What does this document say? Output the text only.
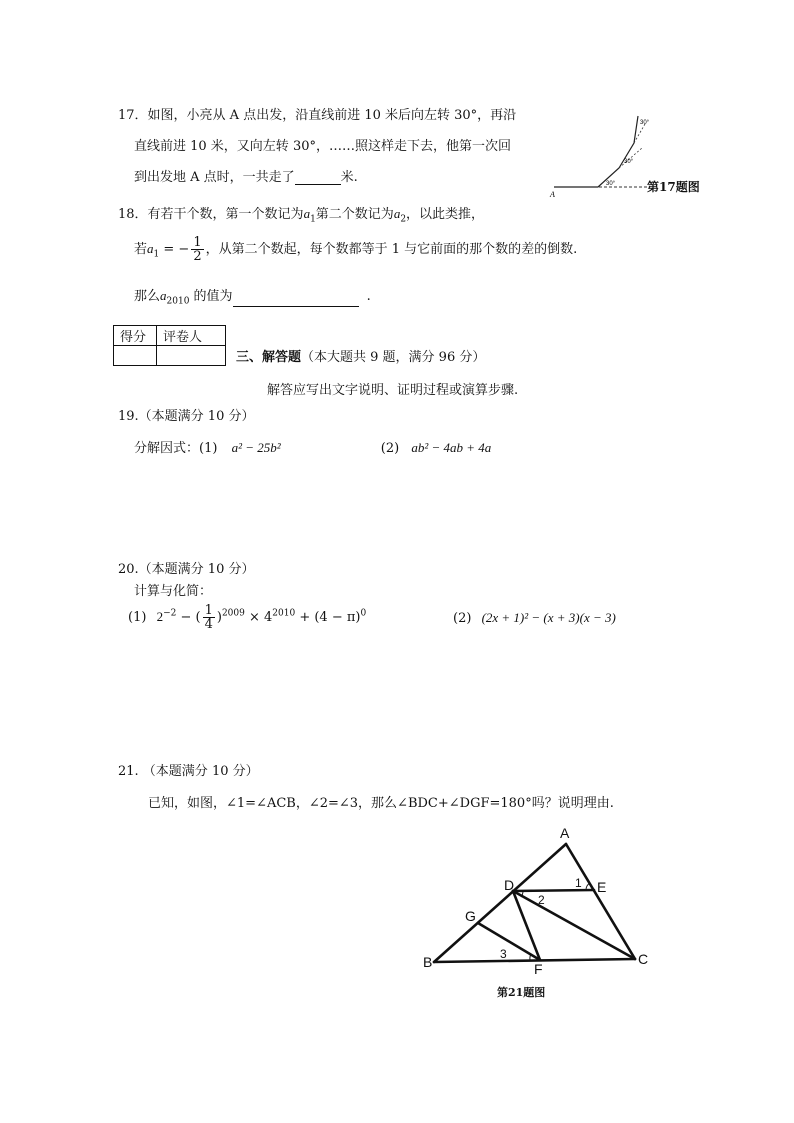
17．如图，小亮从 A 点出发，沿直线前进 10 米后向左转 30°，再沿
直线前进 10 米，又向左转 30°，……照这样走下去，他第一次回
到出发地 A 点时，一共走了	米.
A
30°
30°
30°
第17题图
18．有若干个数，第一个数记为$a_1$第二个数记为$a_2$，以此类推，
若$a_1$ = − $\frac{1}{2}$ ，从第二个数起，每个数都等于 1 与它前面的那个数的差的倒数.
那么$a_{2010}$ 的值为	.
得分	评卷人

三、解答题（本大题共 9 题，满分 96 分）
解答应写出文字说明、证明过程或演算步骤.
19.（本题满分 10 分）
分解因式：(1) a² − 25b²	(2) ab² − 4ab + 4a
20.（本题满分 10 分）
计算与化简：
(1) $2^{-2}$ − ( $\frac{1}{4} )^{2009} \times 4^{2010} + (4 - \pi)^0$	(2) (2x + 1)² − (x + 3)(x − 3)
21. （本题满分 10 分）
已知，如图，∠1=∠ACB，∠2=∠3，那么∠BDC+∠DGF=180°吗？说明理由.
A
B	C
D	E
F
G
1
2
3
第21题图
